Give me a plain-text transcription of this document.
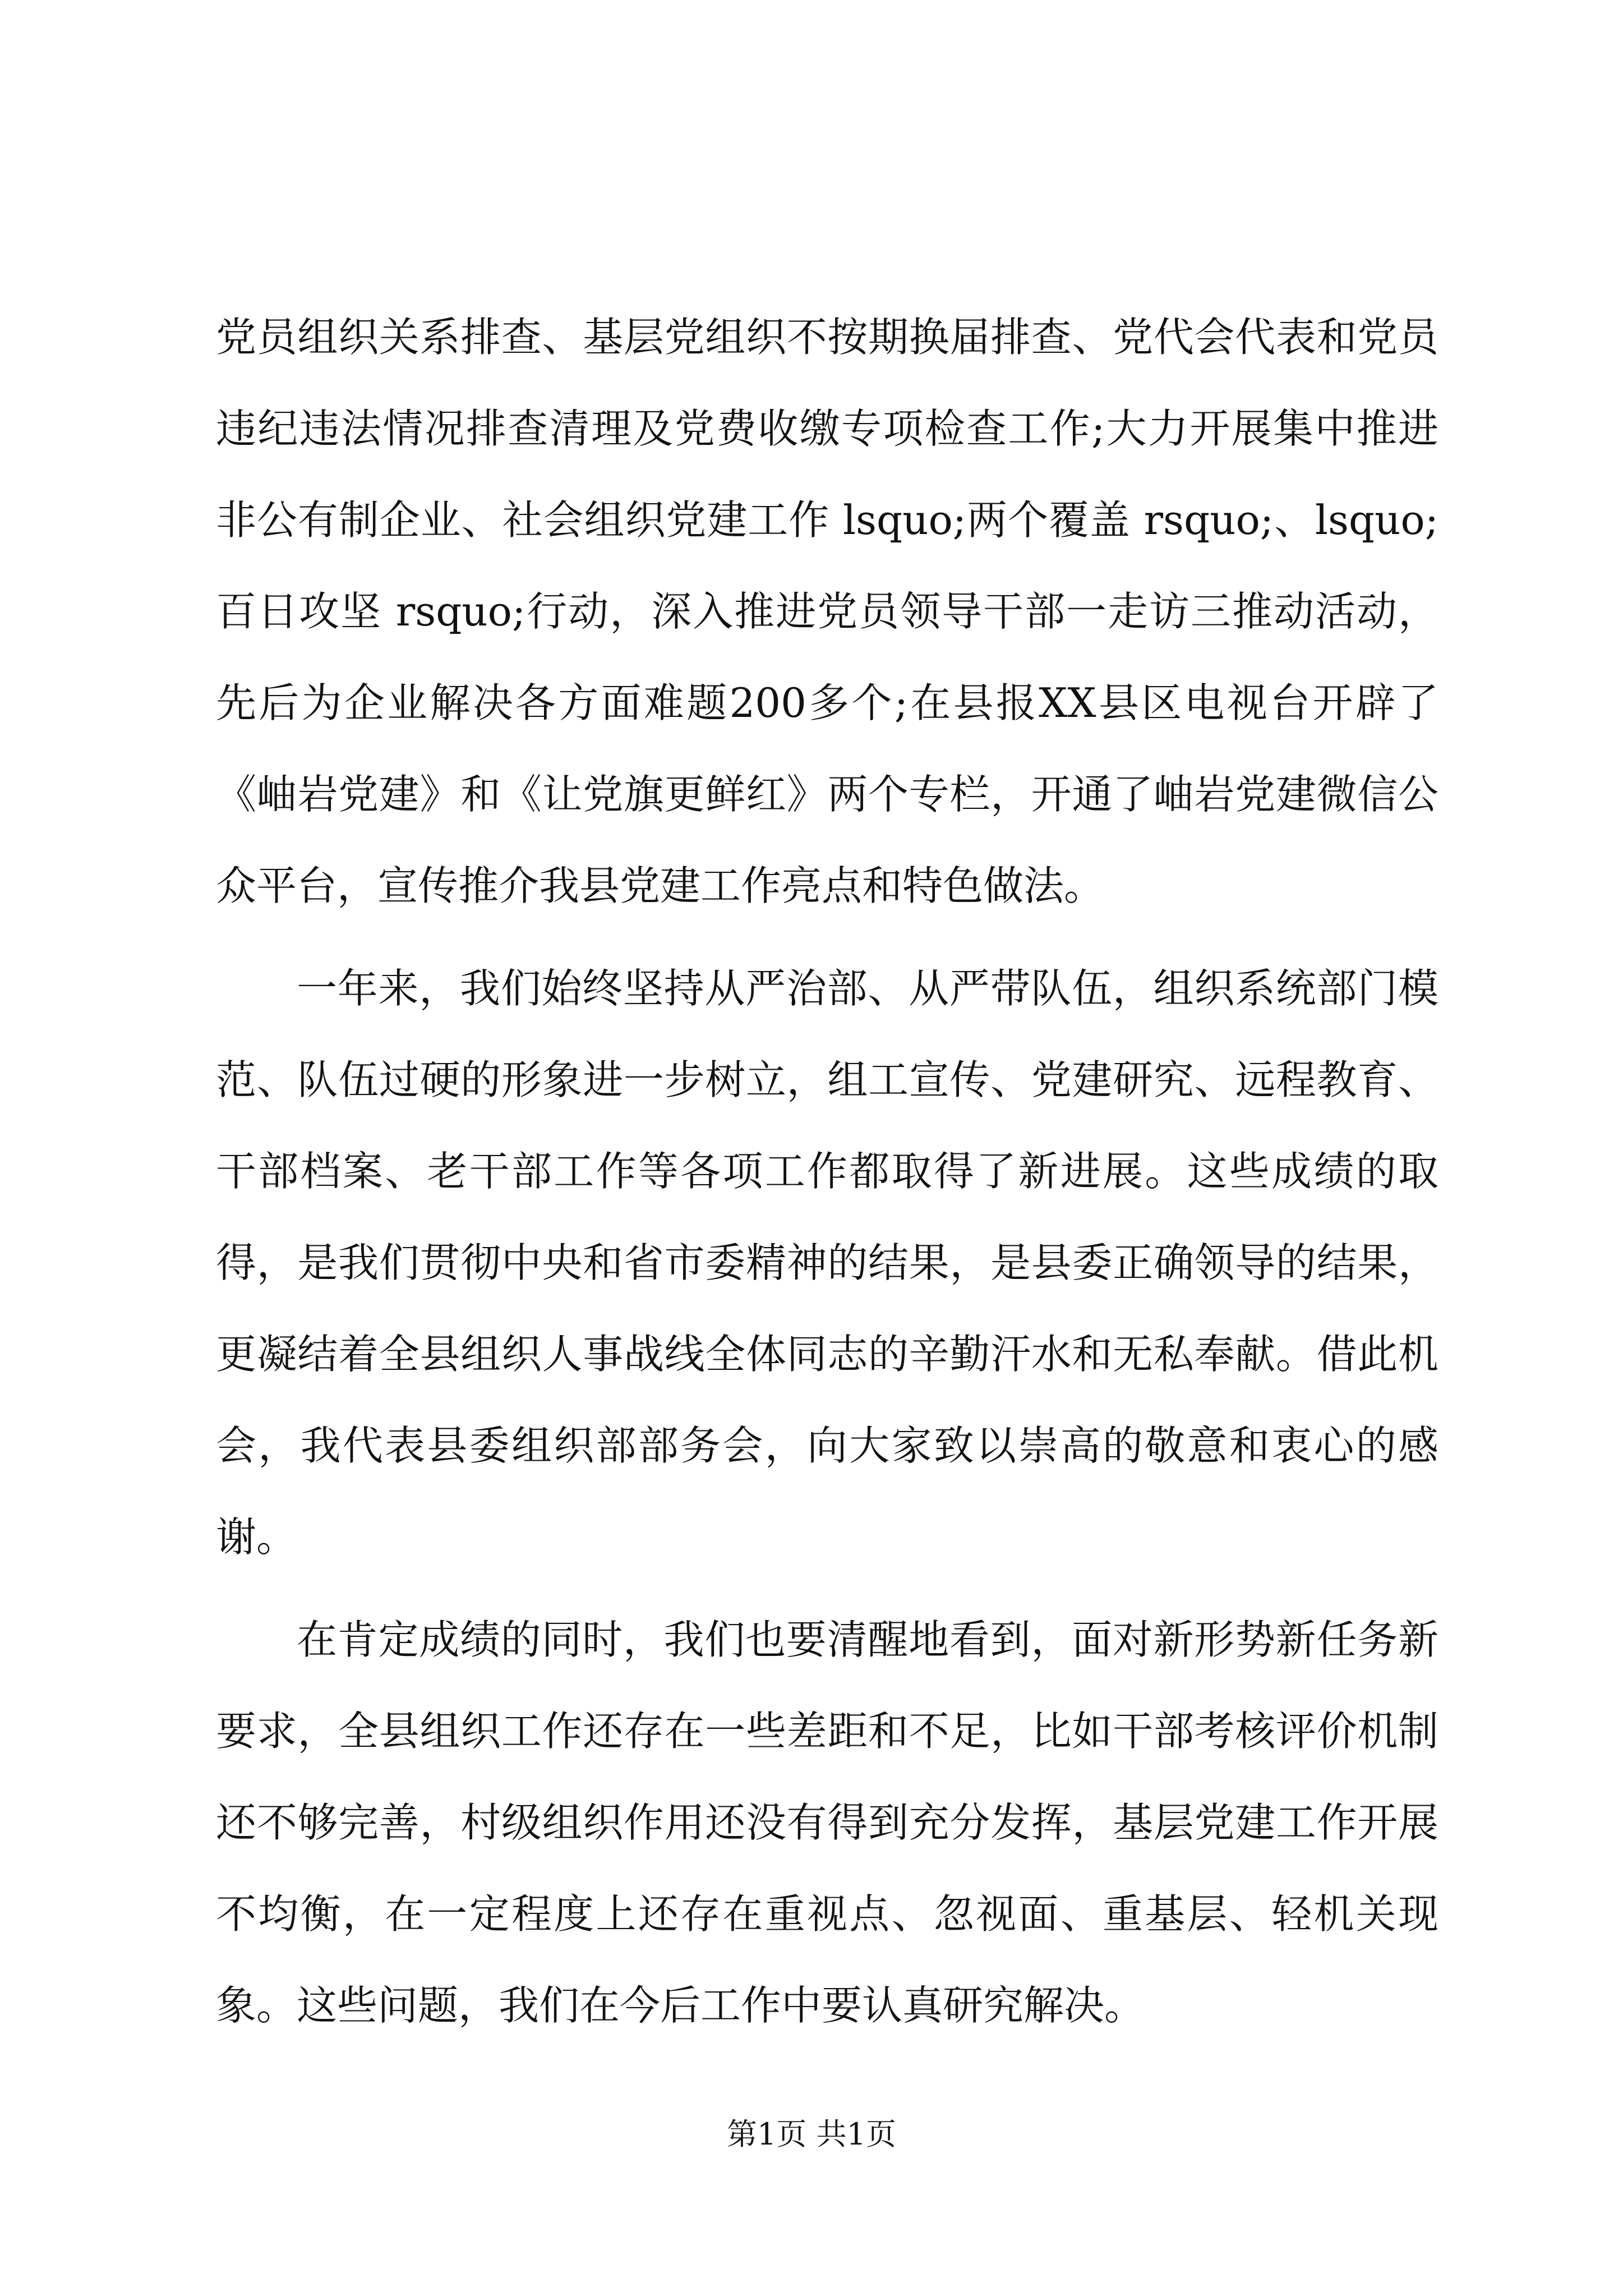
党员组织关系排查、基层党组织不按期换届排查、党代会代表和党员违纪违法情况排查清理及党费收缴专项检查工作;大力开展集中推进非公有制企业、社会组织党建工作 lsquo;两个覆盖 rsquo;、lsquo;百日攻坚 rsquo;行动，深入推进党员领导干部一走访三推动活动，先后为企业解决各方面难题200多个;在县报XX县区电视台开辟了《岫岩党建》和《让党旗更鲜红》两个专栏，开通了岫岩党建微信公众平台，宣传推介我县党建工作亮点和特色做法。

一年来，我们始终坚持从严治部、从严带队伍，组织系统部门模范、队伍过硬的形象进一步树立，组工宣传、党建研究、远程教育、干部档案、老干部工作等各项工作都取得了新进展。这些成绩的取得，是我们贯彻中央和省市委精神的结果，是县委正确领导的结果，更凝结着全县组织人事战线全体同志的辛勤汗水和无私奉献。借此机会，我代表县委组织部部务会，向大家致以崇高的敬意和衷心的感谢。

在肯定成绩的同时，我们也要清醒地看到，面对新形势新任务新要求，全县组织工作还存在一些差距和不足，比如干部考核评价机制还不够完善，村级组织作用还没有得到充分发挥，基层党建工作开展不均衡，在一定程度上还存在重视点、忽视面、重基层、轻机关现象。这些问题，我们在今后工作中要认真研究解决。

第1页 共1页
